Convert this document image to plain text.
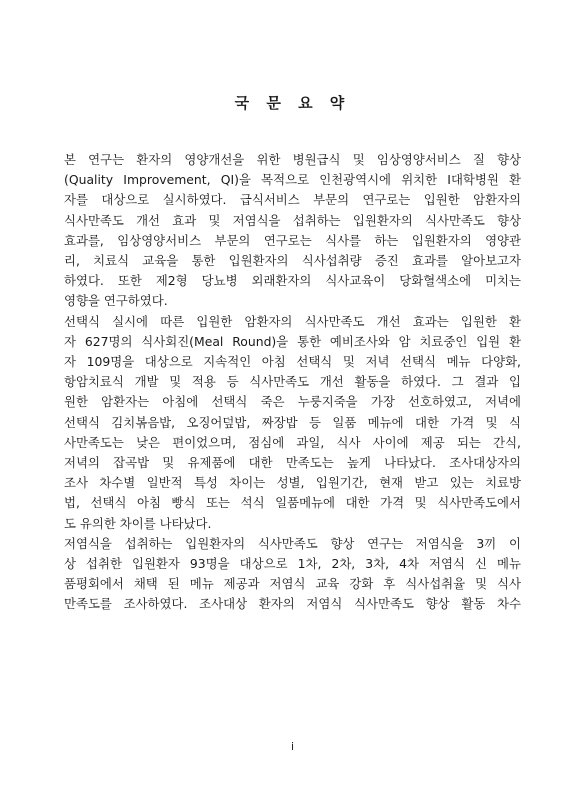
국 문 요 약
본 연구는 환자의 영양개선을 위한 병원급식 및 임상영양서비스 질 향상
(Quality Improvement, QI)을 목적으로 인천광역시에 위치한 I대학병원 환
자를 대상으로 실시하였다. 급식서비스 부문의 연구로는 입원한 암환자의
식사만족도 개선 효과 및 저염식을 섭취하는 입원환자의 식사만족도 향상
효과를, 임상영양서비스 부문의 연구로는 식사를 하는 입원환자의 영양관
리, 치료식 교육을 통한 입원환자의 식사섭취량 증진 효과를 알아보고자
하였다. 또한 제2형 당뇨병 외래환자의 식사교육이 당화혈색소에 미치는
영향을 연구하였다.
선택식 실시에 따른 입원한 암환자의 식사만족도 개선 효과는 입원한 환
자 627명의 식사회진(Meal Round)을 통한 예비조사와 암 치료중인 입원 환
자 109명을 대상으로 지속적인 아침 선택식 및 저녁 선택식 메뉴 다양화,
항암치료식 개발 및 적용 등 식사만족도 개선 활동을 하였다. 그 결과 입
원한 암환자는 아침에 선택식 죽은 누룽지죽을 가장 선호하였고, 저녁에
선택식 김치볶음밥, 오징어덮밥, 짜장밥 등 일품 메뉴에 대한 가격 및 식
사만족도는 낮은 편이었으며, 점심에 과일, 식사 사이에 제공 되는 간식,
저녁의 잡곡밥 및 유제품에 대한 만족도는 높게 나타났다. 조사대상자의
조사 차수별 일반적 특성 차이는 성별, 입원기간, 현재 받고 있는 치료방
법, 선택식 아침 빵식 또는 석식 일품메뉴에 대한 가격 및 식사만족도에서
도 유의한 차이를 나타났다.
저염식을 섭취하는 입원환자의 식사만족도 향상 연구는 저염식을 3끼 이
상 섭취한 입원환자 93명을 대상으로 1차, 2차, 3차, 4차 저염식 신 메뉴
품평회에서 채택 된 메뉴 제공과 저염식 교육 강화 후 식사섭취율 및 식사
만족도를 조사하였다. 조사대상 환자의 저염식 식사만족도 향상 활동 차수
i
